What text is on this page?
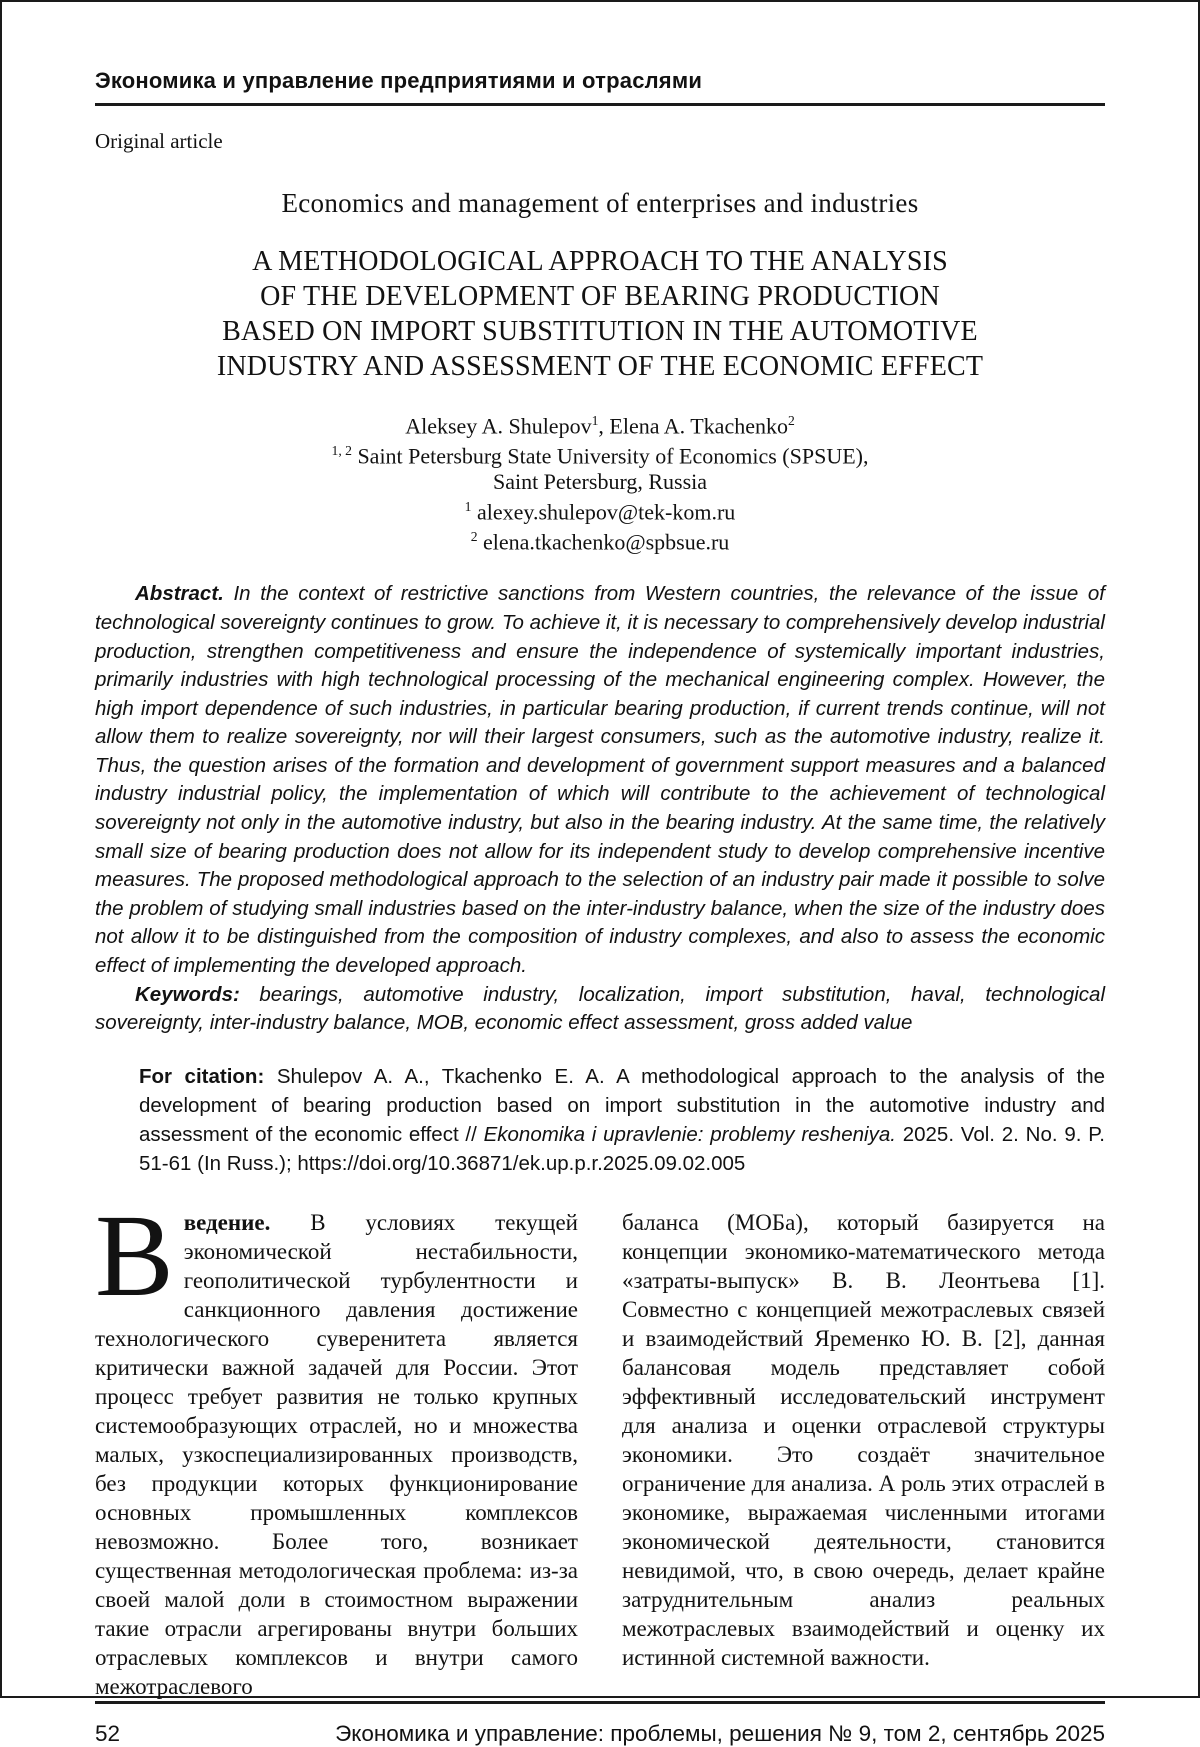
Экономика и управление предприятиями и отраслями
Original article
Economics and management of enterprises and industries
A METHODOLOGICAL APPROACH TO THE ANALYSIS
OF THE DEVELOPMENT OF BEARING PRODUCTION
BASED ON IMPORT SUBSTITUTION IN THE AUTOMOTIVE
INDUSTRY AND ASSESSMENT OF THE ECONOMIC EFFECT
Aleksey A. Shulepov$^1$, Elena A. Tkachenko$^2$
$^{1, 2}$ Saint Petersburg State University of Economics (SPSUE),
Saint Petersburg, Russia
$^1$ alexey.shulepov@tek-kom.ru
$^2$ elena.tkachenko@spbsue.ru

Abstract. In the context of restrictive sanctions from Western countries, the relevance of the issue of technological sovereignty continues to grow. To achieve it, it is necessary to comprehensively develop industrial production, strengthen competitiveness and ensure the independence of systemically important industries, primarily industries with high technological processing of the mechanical engineering complex. However, the high import dependence of such industries, in particular bearing production, if current trends continue, will not allow them to realize sovereignty, nor will their largest consumers, such as the automotive industry, realize it. Thus, the question arises of the formation and development of government support measures and a balanced industry industrial policy, the implementation of which will contribute to the achievement of technological sovereignty not only in the automotive industry, but also in the bearing industry. At the same time, the relatively small size of bearing production does not allow for its independent study to develop comprehensive incentive measures. The proposed methodological approach to the selection of an industry pair made it possible to solve the problem of studying small industries based on the inter-industry balance, when the size of the industry does not allow it to be distinguished from the composition of industry complexes, and also to assess the economic effect of implementing the developed approach.

Keywords: bearings, automotive industry, localization, import substitution, haval, technological sovereignty, inter-industry balance, MOB, economic effect assessment, gross added value

For citation: Shulepov A. A., Tkachenko E. A. A methodological approach to the analysis of the development of bearing production based on import substitution in the automotive industry and assessment of the economic effect // Ekonomika i upravlenie: problemy resheniya. 2025. Vol. 2. No. 9. P. 51-61 (In Russ.); https://doi.org/10.36871/ek.up.p.r.2025.09.02.005
Введение. В условиях текущей экономической нестабильности, геополитической турбулентности и санкционного давления достижение технологического суверенитета является критически важной задачей для России. Этот процесс требует развития не только крупных системообразующих отраслей, но и множества малых, узкоспециализированных производств, без продукции которых функционирование основных промышленных комплексов невозможно. Более того, возникает существенная методологическая проблема: из-за своей малой доли в стоимостном выражении такие отрасли агрегированы внутри больших отраслевых комплексов и внутри самого межотраслевого
баланса (МОБа), который базируется на концепции экономико-математического метода «затраты-выпуск» В. В. Леонтьева [1]. Совместно с концепцией межотраслевых связей и взаимодействий Яременко Ю. В. [2], данная балансовая модель представляет собой эффективный исследовательский инструмент для анализа и оценки отраслевой структуры экономики. Это создаёт значительное ограничение для анализа. А роль этих отраслей в экономике, выражаемая численными итогами экономической деятельности, становится невидимой, что, в свою очередь, делает крайне затруднительным анализ реальных межотраслевых взаимодействий и оценку их истинной системной важности.
52	Экономика и управление: проблемы, решения № 9, том 2, сентябрь 2025
